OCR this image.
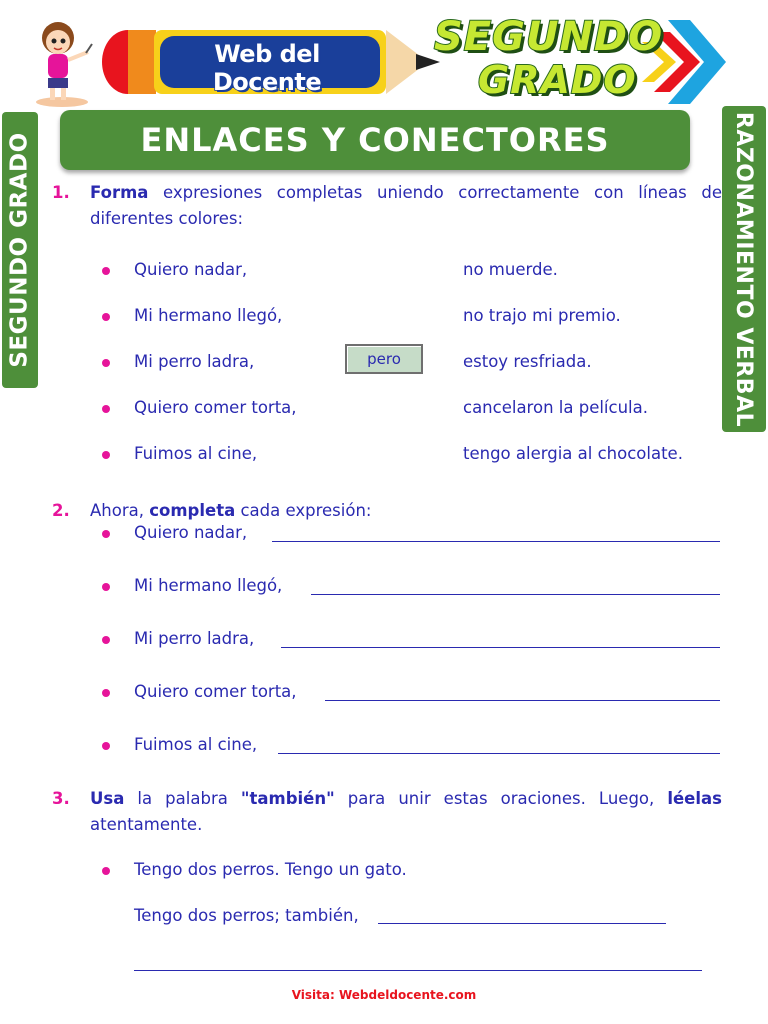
Web del Docente
SEGUNDO
GRADO
SEGUNDO GRADO	RAZONAMIENTO VERBAL
ENLACES Y CONECTORES
1. Forma expresiones completas uniendo correctamente con líneas de diferentes colores:
Quiero nadar,	no muerde.
Mi hermano llegó,	no trajo mi premio.
Mi perro ladra,	estoy resfriada.
Quiero comer torta,	cancelaron la película.
Fuimos al cine,	tengo alergia al chocolate.
pero
2. Ahora, completa cada expresión:
Quiero nadar,
Mi hermano llegó,
Mi perro ladra,
Quiero comer torta,
Fuimos al cine,
3. Usa la palabra "también" para unir estas oraciones. Luego, léelas atentamente.
Tengo dos perros. Tengo un gato.
Tengo dos perros; también,
Visita: Webdeldocente.com
